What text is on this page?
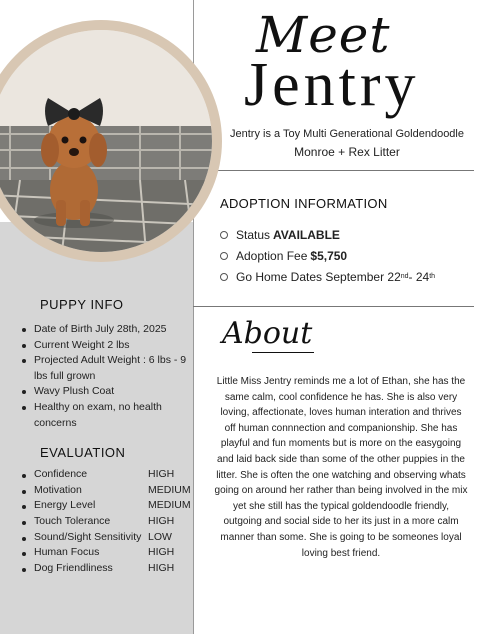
Meet
Jentry
Jentry is a Toy Multi Generational Goldendoodle
Monroe + Rex Litter
ADOPTION INFORMATION
Status AVAILABLE
Adoption Fee $5,750
Go Home Dates September 22 nd - 24 th
About

Little Miss Jentry reminds me a lot of Ethan, she has the same calm, cool confidence he has. She is also very loving, affectionate, loves human interation and thrives off human connnection and companionship. She has playful and fun moments but is more on the easygoing and laid back side than some of the other puppies in the litter. She is often the one watching and observing whats going on around her rather than being involved in the mix yet she still has the typical goldendoodle friendly, outgoing and social side to her its just in a more calm manner than some. She is going to be someones loyal loving best friend.

PUPPY INFO
Date of Birth July 28th, 2025
Current Weight 2 lbs
Projected Adult Weight : 6 lbs - 9 lbs full grown
Wavy Plush Coat
Healthy on exam, no health concerns
EVALUATION
Confidence	HIGH
Motivation	MEDIUM
Energy Level	MEDIUM
Touch Tolerance	HIGH
Sound/Sight Sensitivity LOW
Human Focus	HIGH
Dog Friendliness	HIGH
